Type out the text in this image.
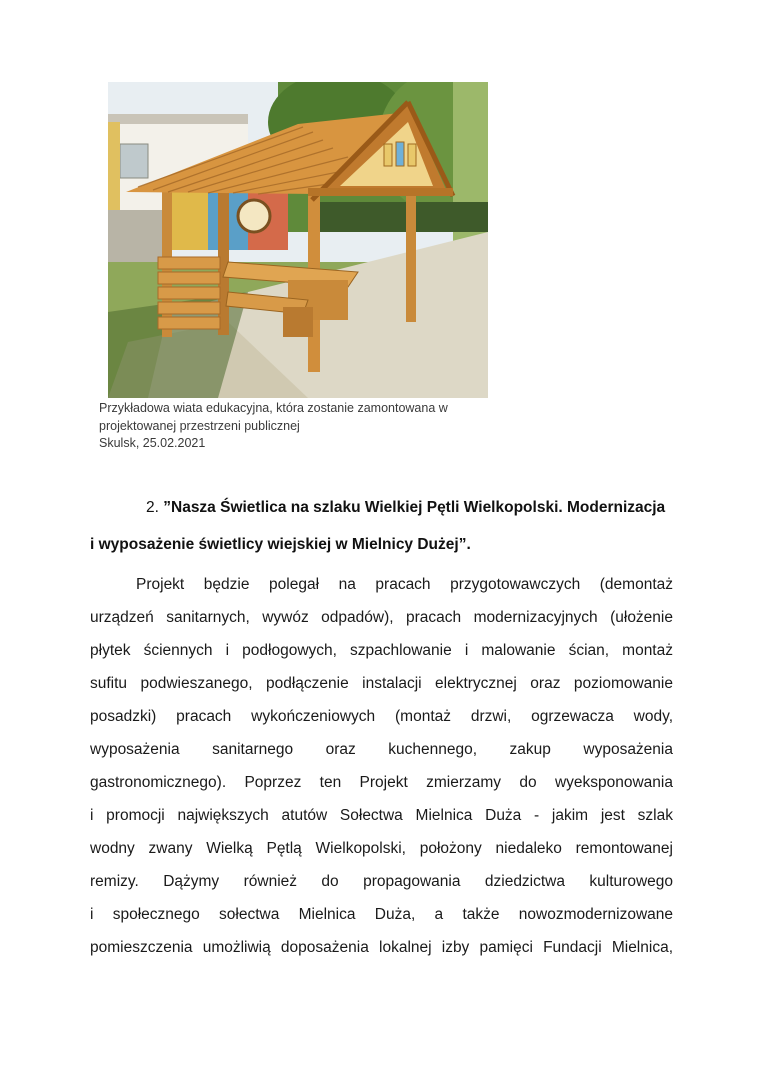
Przykładowa wiata edukacyjna, która zostanie zamontowana w
projektowanej przestrzeni publicznej
Skulsk, 25.02.2021
2. ”Nasza Świetlica na szlaku Wielkiej Pętli Wielkopolski. Modernizacja
i wyposażenie świetlicy wiejskiej w Mielnicy Dużej”.
Projekt będzie polegał na pracach przygotowawczych (demontaż
urządzeń sanitarnych, wywóz odpadów), pracach modernizacyjnych (ułożenie
płytek ściennych i podłogowych, szpachlowanie i malowanie ścian, montaż
sufitu podwieszanego, podłączenie instalacji elektrycznej oraz poziomowanie
posadzki) pracach wykończeniowych (montaż drzwi, ogrzewacza wody,
wyposażenia sanitarnego oraz kuchennego, zakup wyposażenia
gastronomicznego). Poprzez ten Projekt zmierzamy do wyeksponowania
i promocji największych atutów Sołectwa Mielnica Duża - jakim jest szlak
wodny zwany Wielką Pętlą Wielkopolski, położony niedaleko remontowanej
remizy. Dążymy również do propagowania dziedzictwa kulturowego
i społecznego sołectwa Mielnica Duża, a także nowozmodernizowane
pomieszczenia umożliwią doposażenia lokalnej izby pamięci Fundacji Mielnica,
